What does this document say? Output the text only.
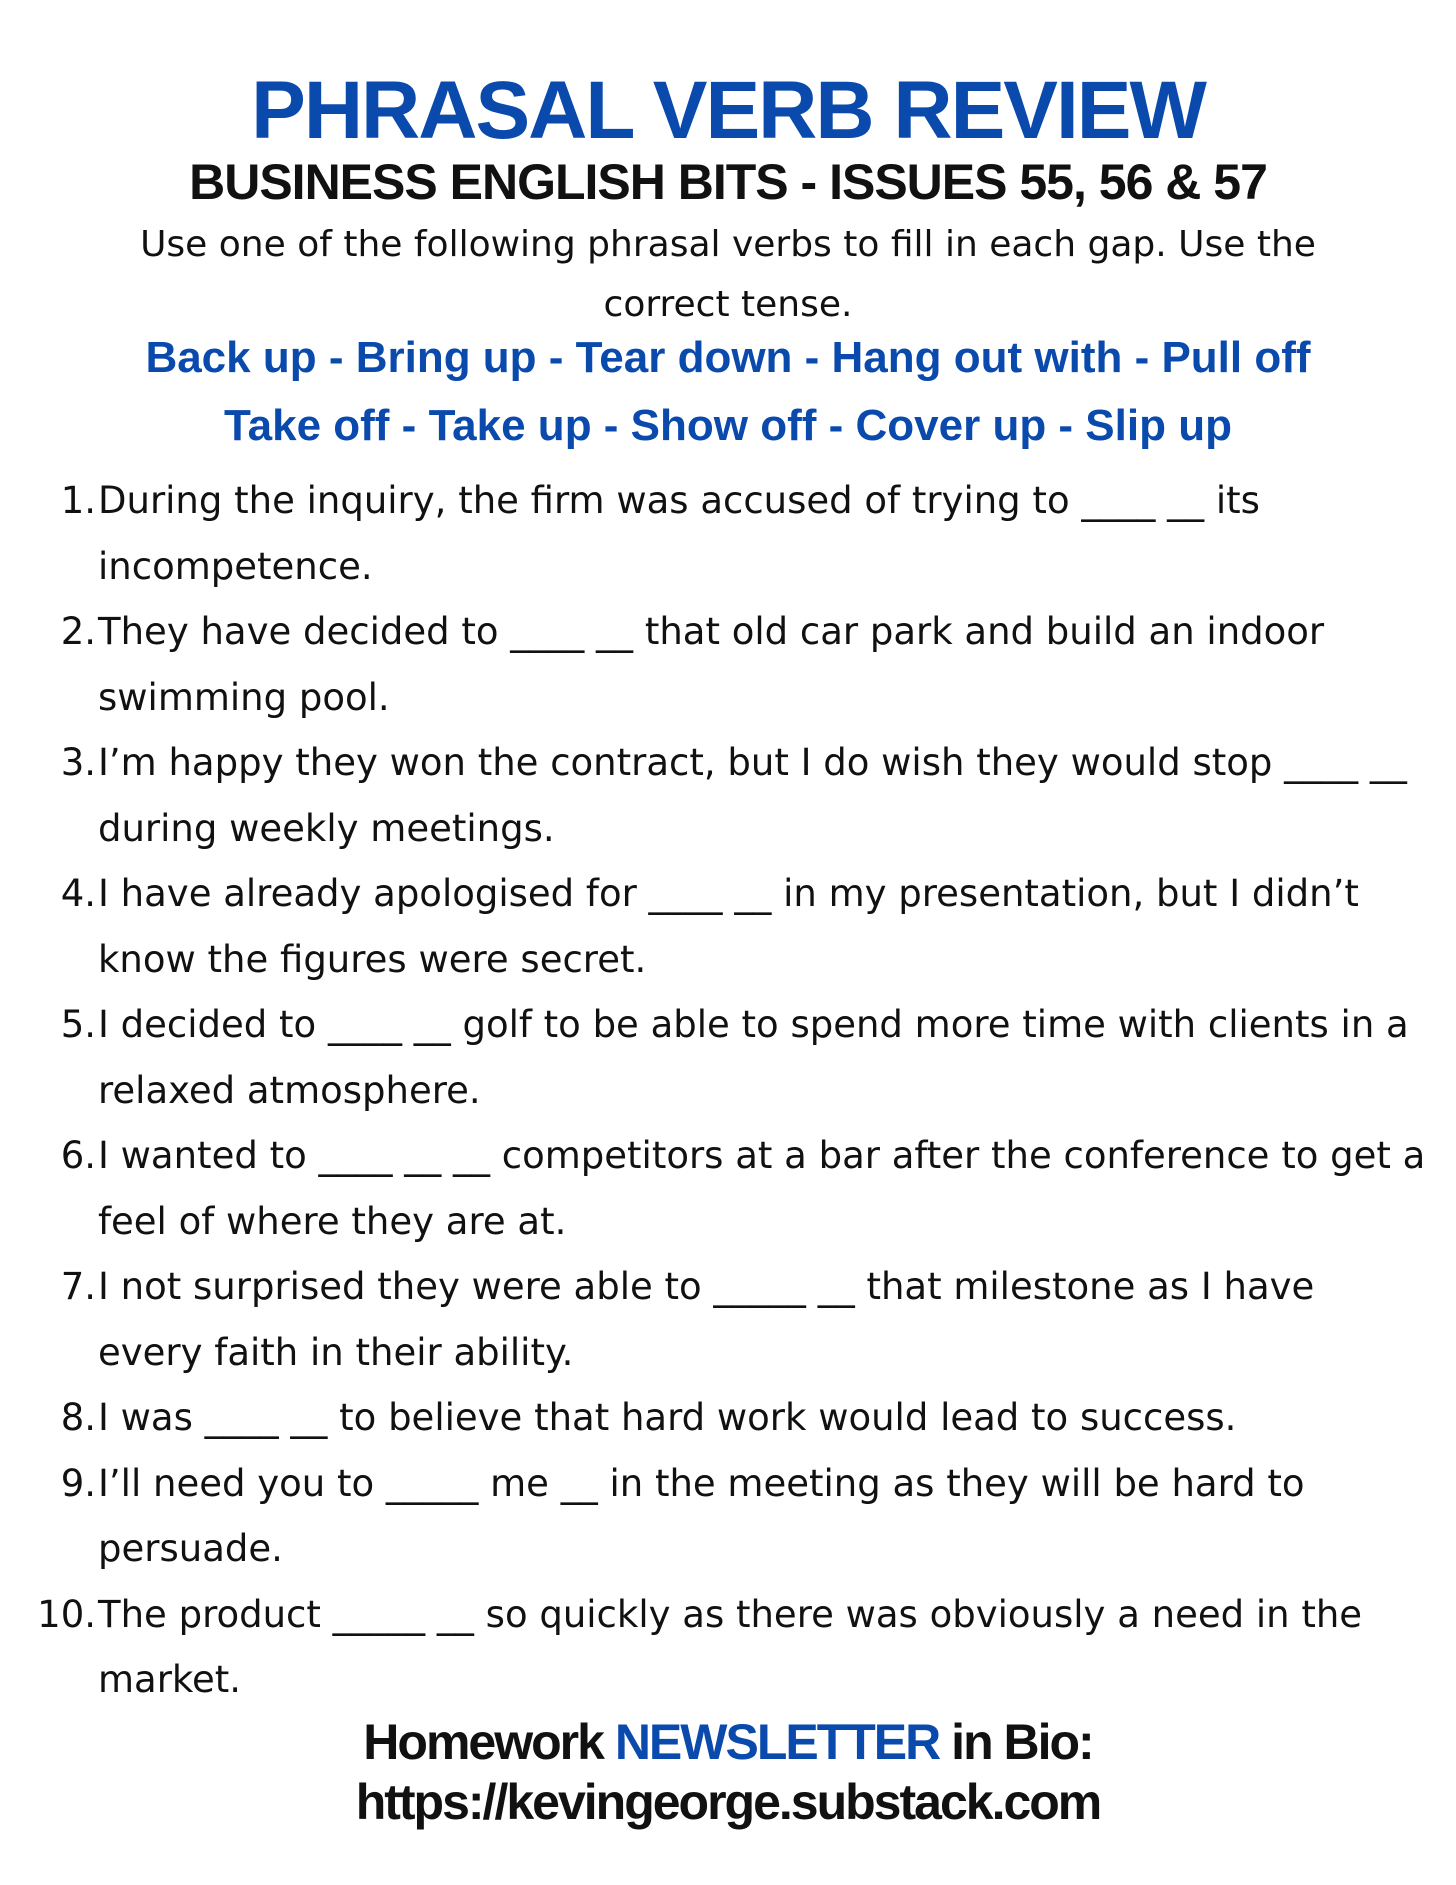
PHRASAL VERB REVIEW
BUSINESS ENGLISH BITS - ISSUES 55, 56 & 57
Use one of the following phrasal verbs to fill in each gap. Use the correct tense.
Back up - Bring up - Tear down - Hang out with - Pull off
Take off - Take up - Show off - Cover up - Slip up
1. During the inquiry, the firm was accused of trying to ____ __ its incompetence.
2. They have decided to ____ __ that old car park and build an indoor swimming pool.
3. I’m happy they won the contract, but I do wish they would stop ____ __ during weekly meetings.
4. I have already apologised for ____ __ in my presentation, but I didn’t know the figures were secret.
5. I decided to ____ __ golf to be able to spend more time with clients in a relaxed atmosphere.
6. I wanted to ____ __ __ competitors at a bar after the conference to get a feel of where they are at.
7. I not surprised they were able to _____ __ that milestone as I have every faith in their ability.
8. I was ____ __ to believe that hard work would lead to success.
9. I’ll need you to _____ me __ in the meeting as they will be hard to persuade.
10. The product _____ __ so quickly as there was obviously a need in the market.
Homework NEWSLETTER in Bio:
https://kevingeorge.substack.com
